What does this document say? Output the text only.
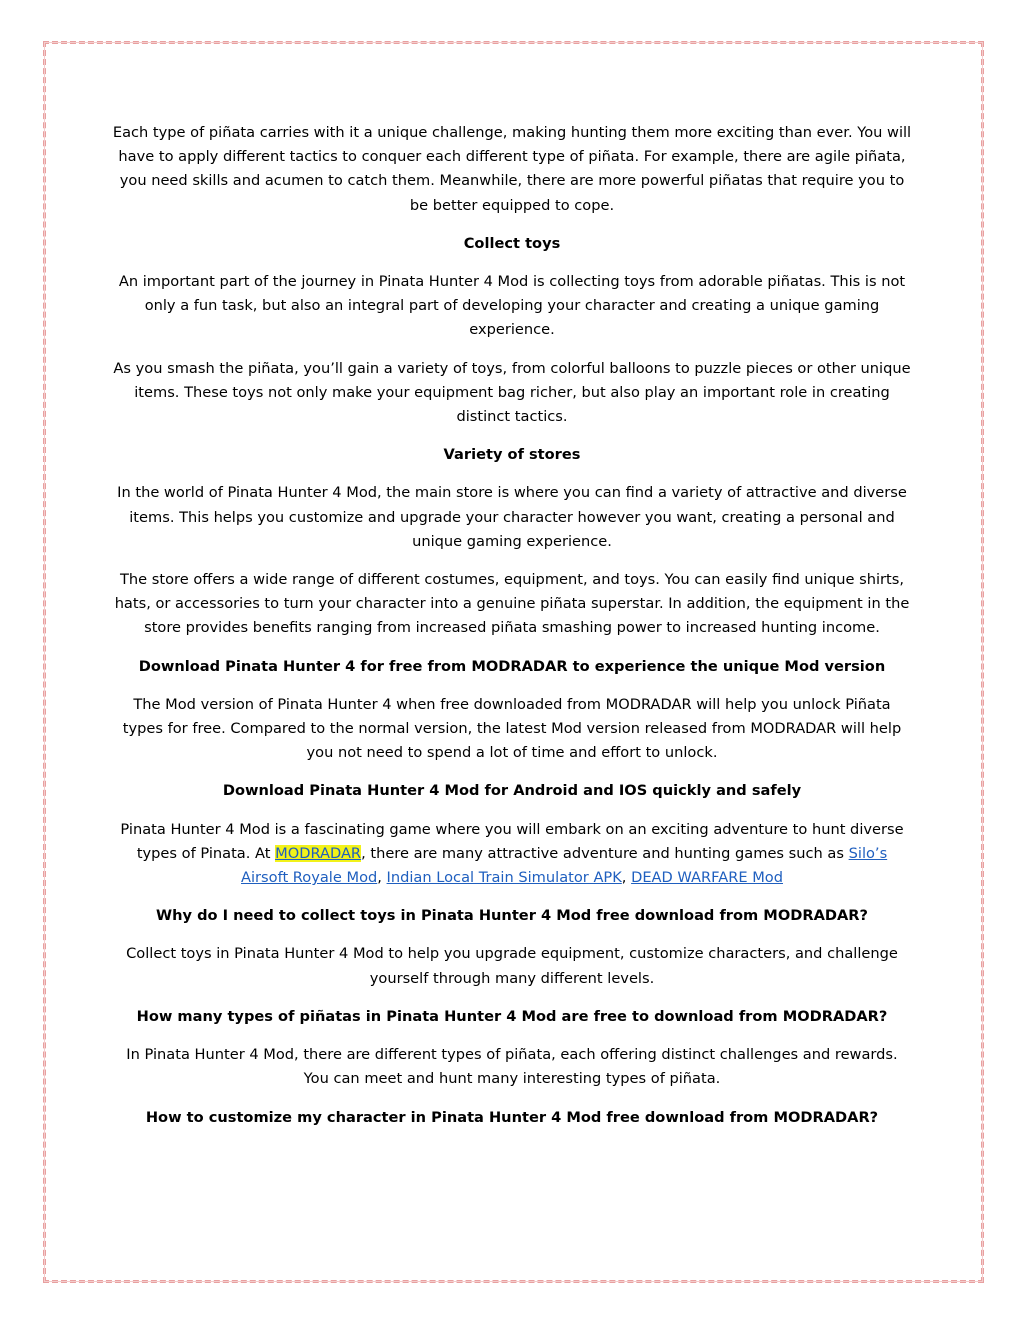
Each type of piñata carries with it a unique challenge, making hunting them more exciting than ever. You will have to apply different tactics to conquer each different type of piñata. For example, there are agile piñata, you need skills and acumen to catch them. Meanwhile, there are more powerful piñatas that require you to be better equipped to cope.

Collect toys

An important part of the journey in Pinata Hunter 4 Mod is collecting toys from adorable piñatas. This is not only a fun task, but also an integral part of developing your character and creating a unique gaming experience.

As you smash the piñata, you’ll gain a variety of toys, from colorful balloons to puzzle pieces or other unique items. These toys not only make your equipment bag richer, but also play an important role in creating distinct tactics.

Variety of stores

In the world of Pinata Hunter 4 Mod, the main store is where you can find a variety of attractive and diverse items. This helps you customize and upgrade your character however you want, creating a personal and unique gaming experience.

The store offers a wide range of different costumes, equipment, and toys. You can easily find unique shirts, hats, or accessories to turn your character into a genuine piñata superstar. In addition, the equipment in the store provides benefits ranging from increased piñata smashing power to increased hunting income.

Download Pinata Hunter 4 for free from MODRADAR to experience the unique Mod version

The Mod version of Pinata Hunter 4 when free downloaded from MODRADAR will help you unlock Piñata types for free. Compared to the normal version, the latest Mod version released from MODRADAR will help you not need to spend a lot of time and effort to unlock.

Download Pinata Hunter 4 Mod for Android and IOS quickly and safely

Pinata Hunter 4 Mod is a fascinating game where you will embark on an exciting adventure to hunt diverse types of Pinata. At MODRADAR, there are many attractive adventure and hunting games such as Silo’s Airsoft Royale Mod, Indian Local Train Simulator APK, DEAD WARFARE Mod

Why do I need to collect toys in Pinata Hunter 4 Mod free download from MODRADAR?

Collect toys in Pinata Hunter 4 Mod to help you upgrade equipment, customize characters, and challenge yourself through many different levels.

How many types of piñatas in Pinata Hunter 4 Mod are free to download from MODRADAR?

In Pinata Hunter 4 Mod, there are different types of piñata, each offering distinct challenges and rewards. You can meet and hunt many interesting types of piñata.

How to customize my character in Pinata Hunter 4 Mod free download from MODRADAR?
